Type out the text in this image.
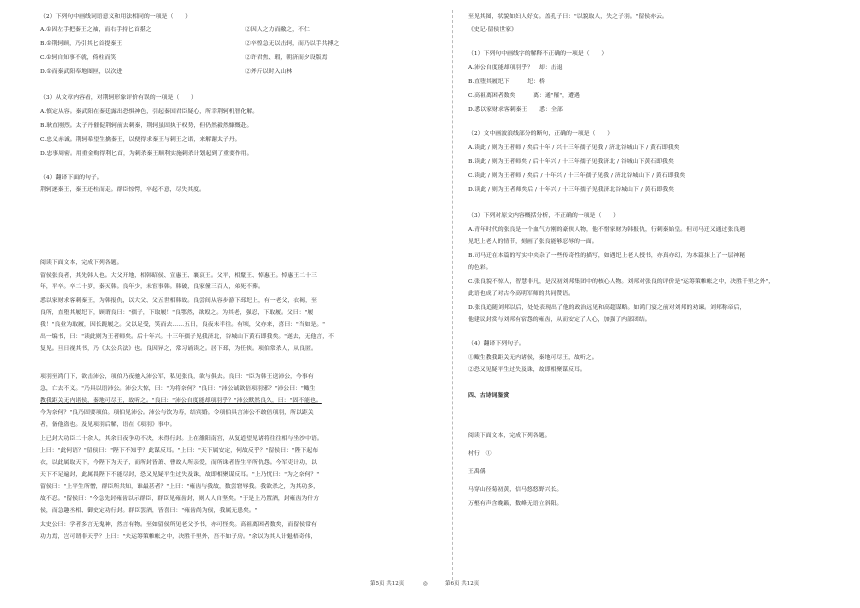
（2）下列句中画线词语意义和用法相同的一项是（　　）
A.①因左手把秦王之袖，而右手持匕首揕之	②因人之力而敝之，不仁
B.①荆轲顾，乃引其匕首提秦王	②卒惶急无以击轲，而乃以手共搏之
C.①轲自知事不就，倚柱而笑	②许君焦、瑕，朝济而夕设版焉
D.①而秦武阳奉地图匣，以次进	②斧斤以时入山林
（3）从文章内容看，对荆轲形象评价有误的一项是（　　）
A.慎定从容。秦武阳在秦廷露出恐惧神色，引起秦国君臣疑心，所幸荆轲机智化解。
B.耿直刚烈。太子丹催促荆轲前去刺秦，荆轲虽固执于权势，但仍然毅然慷慨赴。
C.忠义赤诚。荆轲希望生擒秦王，以便得求秦王与刺王之诺，来解谢太子丹。
D.忠事周密。用重金购得利匕首，为刺杀秦王顺利实施刺杀计划起到了重要作用。
（4）翻译下面的句子。
荆轲逐秦王，秦王还柱而走。群臣惊愕，卒起不意，尽失其度。
阅读下面文本，完成下列各题。
留侯张良者，其先韩人也。大父开地，相韩昭侯、宣惠王、襄哀王。父平，相釐王、悼惠王。悼惠王二十三
年，平卒。卒二十岁，秦灭韩。良年少，未宦事韩。韩破，良家僮三百人，弟死不葬。
悉以家财求客刺秦王，为韩报仇，以大父、父五世相韩故。良尝间从容步游下邳圯上，有一老父，衣褐，至
良所，直堕其履圯下，顾谓良曰："孺子，下取履！"良鄂然，欲殴之。为其老，强忍，下取履。父曰："履
我！"良业为取履，因长跪履之。父以足受，笑而去……五日，良夜未半往。有顷，父亦来，喜曰："当如是。"
出一编书，曰："读此则为王者师矣。后十年兴。十三年孺子见我济北，谷城山下黄石即我矣。"遂去，无他言，不
复见。旦日视其书，乃《太公兵法》也。良因异之，常习诵读之。居下邳，为任侠。项伯常杀人，从良匿。
项羽至鸿门下，欲击沛公，项伯乃夜驰入沛公军，私见张良，欲与俱去。良曰："臣为韩王送沛公，今事有
急，亡去不义。"乃具以语沛公。沛公大惊，曰："为将奈何？"良曰："沛公诚欲倍项羽邪？"沛公曰："鲰生
教我距关无内诸侯，秦地可尽王，故听之。"良曰："沛公自度能却项羽乎？"沛公默然良久，曰："固不能也。
今为奈何？"良乃固要项伯。项伯见沛公。沛公与饮为寿，结宾婚。令项伯具言沛公不敢倍项羽，所以距关
者，备他盗也。及见项羽后解，语在《项羽》事中。
上已封大功臣二十余人，其余日夜争功不决，未得行封。上在雒阳南宫，从复道望见诸将往往相与坐沙中语。
上曰："此何语？"留侯曰："陛下不知乎？此谋反耳。"上曰："天下属安定，何故反乎？"留侯曰："陛下起布
衣，以此属取天下，今陛下为天子，而所封皆萧、曹故人所亲爱，而所诛者皆生平所仇怨。今军吏计功，以
天下不足遍封，此属畏陛下不能尽封，恐又见疑平生过失及诛，故即相聚谋反耳。"上乃忧曰："为之奈何？"
留侯曰："上平生所憎，群臣所共知，谁最甚者？"上曰："雍齿与我故，数尝窘辱我。我欲杀之，为其功多，
故不忍。"留侯曰："今急先封雍齿以示群臣，群臣见雍齿封，则人人自坚矣。"于是上乃置酒，封雍齿为什方
侯，而急趣丞相、御史定功行封。群臣罢酒，皆喜曰："雍齿尚为侯，我属无患矣。"
太史公曰：学者多言无鬼神，然言有物。至如留侯所见老父予书，亦可怪矣。高祖离困者数矣，而留侯常有
功力焉，岂可谓非天乎？上曰："夫运筹策帷帐之中，决胜千里外，吾不如子房。"余以为其人计魁梧奇伟，
至见其图，状貌如妇人好女。盖孔子曰："以貌取人，失之子羽。"留侯亦云。
《史记·留侯世家》
（1）下列句中画线字的解释不正确的一项是（　　）
A.沛公自度能却项羽乎？　却：击退
B.直堕其履圯下　　　圯：桥
C.高祖离困者数矣　　　离：通"罹"，遭遇
D.悉以家财求客刺秦王　　悉：全部
（2）文中画波浪线部分的断句，正确的一项是（　　）
A.读此 / 则为王者师 / 矣后十年 / 兴十三年孺子见我 / 济北谷城山下 / 黄石即我矣
B.读此 / 则为王者师矣 / 后十年兴 / 十三年孺子见我济北 / 谷城山下黄石即我矣
C.读此 / 则为王者师 / 矣后 / 十年兴 / 十三年孺子见我 / 济北谷城山下 / 黄石即我矣
D.读此 / 则为王者师矣后 / 十年兴 / 十三年孺子见我济北谷城山下 / 黄石即我矣
（3）下列对原文内容概括分析，不正确的一项是（　　）
A.青年时代的张良是一个血气方刚的豪侠人物，他不惜家财为韩报仇，行刺秦始皇。但司马迁又通过张良遇
见圯上老人的情节，刻画了张良能够忍辱的一面。
B.司马迁在本篇的写实中夹杂了一些传奇性的描写，如遇圯上老人授书，亦真亦幻，为本篇抹上了一层神秘
的色彩。
C.张良貌不惊人，智慧非凡，是汉初刘邦集团中的核心人物。刘邦对张良的评价是"运筹策帷帐之中，决胜千里之外"，
此语也成了对古今高明军师的共同赞语。
D.张良追随刘邦以后，处处表现出了他的政治远见和高超谋略。如鸿门宴之前对刘邦的劝谏。刘邦称帝后，
他建议封赏与刘邦有宿怨的雍齿，从而安定了人心，加强了内部团结。
（4）翻译下列句子。
①鲰生教我距关无内诸侯，秦地可尽王，故听之。
②恐又见疑平生过失及诛，故即相聚谋反耳。
四、古诗词鉴赏
阅读下面文本，完成下列各题。
村行　①
王禹偁
马穿山径菊初黄，信马悠悠野兴长。
万壑有声含晚籁，数峰无语立斜阳。
第5页 共12页	◎	第6页 共12页
